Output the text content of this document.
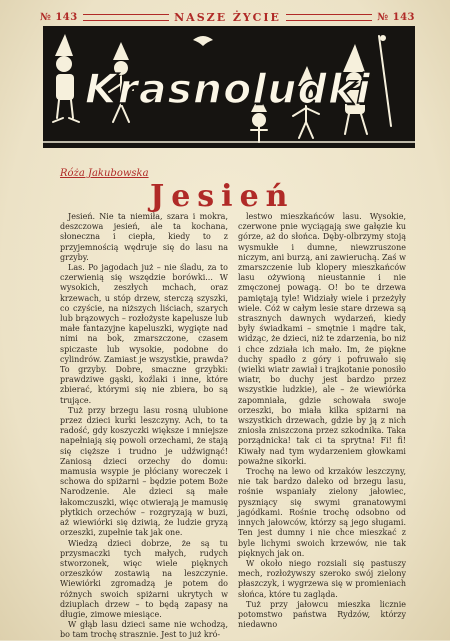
№ 143	NASZE ŻYCIE	№ 143
Krasnoludki
Róża Jakubowska
Jesień

Jesień. Nie ta niemiła, szara i mokra, deszczowa jesień, ale ta kochana, słoneczna i ciepła, kiedy to z przyjemnością wędruje się do lasu na grzyby.

Las. Po jagodach już – nie śladu, za to czerwienią się wszędzie borówki... W wysokich, zeszłych mchach, oraz krzewach, u stóp drzew, sterczą szyszki, co czyście, na niższych liściach, szarych lub brązowych – rozłożyste kapelusze lub małe fantazyjne kapeluszki, wygięte nad nimi na bok, zmarszczone, czasem spiczaste lub wysokie, podobne do cylindrów. Zamiast je wszystkie, prawda? To grzyby. Dobre, smaczne grzybki: prawdziwe gąski, koźlaki i inne, które zbierać, którymi się nie zbiera, bo są trujące.

Tuż przy brzegu lasu rosną ulubione przez dzieci kurki leszczyny. Ach, to ta radość, gdy koszyczki większe i mniejsze napełniają się powoli orzechami, że stają się cięższe i trudno je udźwignąć! Zaniosą dzieci orzechy do domu: mamusia wsypie je płóciany woreczek i schowa do spiżarni – będzie potem Boże Narodzenie. Ale dzieci są małe łakomczuszki, więc otwierają je mamusię płytkich orzechów – rozgryzają w buzi, aż wiewiórki się dziwią, że ludzie gryzą orzeszki, zupełnie tak jak one.

Wiedzą dzieci dobrze, że są tu przysmaczki tych małych, rudych stworzonek, więc wiele pięknych orzeszków zostawią na leszczynie. Wiewiórki zgromadzą je potem do różnych swoich spiżarni ukrytych w dziuplach drzew – to będą zapasy na długie, zimowe miesiące.

W głąb lasu dzieci same nie wchodzą, bo tam trochę strasznie. Jest to już kró-

lestwo mieszkańców lasu. Wysokie, czerwone pnie wyciągają swe gałęzie ku górze, aż do słońca. Dęby-olbrzymy stoją wysmukłe i dumne, niewzruszone niczym, ani burzą, ani zawieruchą. Zaś w zmarszczenie lub klopery mieszkańców lasu ożywioną nieustannie i nie zmęczonej powagą. O! bo te drzewa pamiętają tyle! Widziały wiele i przeżyły wiele. Cóż w całym lesie stare drzewa są strasznych dawnych wydarzeń, kiedy były świadkami – smętnie i mądre tak, widząc, że dzieci, niż te zdarzenia, bo niż i chce zdziała ich mało. Im, że piękne duchy spadło z góry i pofruwało się (wielki wiatr zawiał i trajkotanie ponosiło wiatr, bo duchy jest bardzo przez wszystkie ludzkie), ale – że wiewiórka zapomniała, gdzie schowała swoje orzeszki, bo miała kilka spiżarni na wszystkich drzewach, gdzie by ją z nich zniosła zniszczona przez szkodnika. Taka porządnicka! tak ci ta sprytna! Fi! fi! Kiwały nad tym wydarzeniem głowkami poważne sikorki.

Trochę na lewo od krzaków leszczyny, nie tak bardzo daleko od brzegu lasu, rośnie wspaniały zielony jałowiec, pyszniący się swymi granatowymi jagódkami. Rośnie trochę odsobno od innych jałowców, którzy są jego sługami. Ten jest dumny i nie chce mieszkać z byle lichymi swoich krzewów, nie tak pięknych jak on.

W około niego rozsiali się pastuszy mech, rozłożywszy szeroko swój zielony płaszczyk, i wygrzewa się w promieniach słońca, które tu zagląda.

Tuż przy jałowcu mieszka licznie potomstwo państwa Rydzów, którzy niedawno
